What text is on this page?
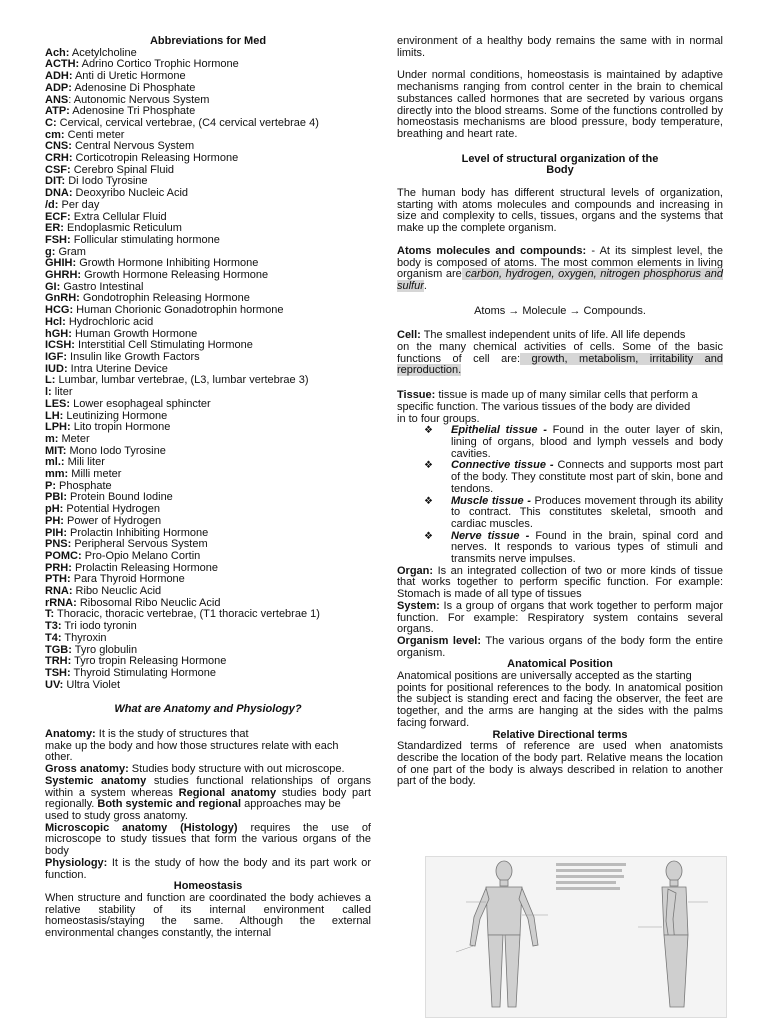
Abbreviations for Med
Ach: Acetylcholine
ACTH: Adrino Cortico Trophic Hormone
ADH: Anti di Uretic Hormone
ADP: Adenosine Di Phosphate
ANS: Autonomic Nervous System
ATP: Adenosine Tri Phosphate
C: Cervical, cervical vertebrae, (C4 cervical vertebrae 4)
cm: Centi meter
CNS: Central Nervous System
CRH: Corticotropin Releasing Hormone
CSF: Cerebro Spinal Fluid
DIT: Di Iodo Tyrosine
DNA: Deoxyribo Nucleic Acid
/d: Per day
ECF: Extra Cellular Fluid
ER: Endoplasmic Reticulum
FSH: Follicular stimulating hormone
g: Gram
GHIH: Growth Hormone Inhibiting Hormone
GHRH: Growth Hormone Releasing Hormone
GI: Gastro Intestinal
GnRH: Gondotrophin Releasing Hormone
HCG: Human Chorionic Gonadotrophin hormone
Hcl: Hydrochloric acid
hGH: Human Growth Hormone
ICSH: Interstitial Cell Stimulating Hormone
IGF: Insulin like Growth Factors
IUD: Intra Uterine Device
L: Lumbar, lumbar vertebrae, (L3, lumbar vertebrae 3)
l: liter
LES: Lower esophageal sphincter
LH: Leutinizing Hormone
LPH: Lito tropin Hormone
m: Meter
MIT: Mono Iodo Tyrosine
ml.: Mili liter
mm: Milli meter
P: Phosphate
PBI: Protein Bound Iodine
pH: Potential Hydrogen
PH: Power of Hydrogen
PIH: Prolactin Inhibiting Hormone
PNS: Peripheral Servous System
POMC: Pro-Opio Melano Cortin
PRH: Prolactin Releasing Hormone
PTH: Para Thyroid Hormone
RNA: Ribo Neuclic Acid
rRNA: Ribosomal Ribo Neuclic Acid
T: Thoracic, thoracic vertebrae, (T1 thoracic vertebrae 1)
T3: Tri iodo tyronin
T4: Thyroxin
TGB: Tyro globulin
TRH: Tyro tropin Releasing Hormone
TSH: Thyroid Stimulating Hormone
UV: Ultra Violet
What are Anatomy and Physiology?

Anatomy: It is the study of structures that

make up the body and how those structures relate with each

other.

Gross anatomy: Studies body structure with out microscope.

Systemic anatomy studies functional relationships of organs within a system whereas Regional anatomy studies body part regionally. Both systemic and regional approaches may be

used to study gross anatomy.

Microscopic anatomy (Histology) requires the use of microscope to study tissues that form the various organs of the body

Physiology: It is the study of how the body and its part work or function.

Homeostasis

When structure and function are coordinated the body achieves a relative stability of its internal environment called homeostasis/staying the same. Although the external environmental changes constantly, the internal

environment of a healthy body remains the same with in normal limits.

Under normal conditions, homeostasis is maintained by adaptive mechanisms ranging from control center in the brain to chemical substances called hormones that are secreted by various organs directly into the blood streams. Some of the functions controlled by homeostasis mechanisms are blood pressure, body temperature, breathing and heart rate.

Level of structural organization of the
Body

The human body has different structural levels of organization, starting with atoms molecules and compounds and increasing in size and complexity to cells, tissues, organs and the systems that make up the complete organism.

Atoms molecules and compounds: - At its simplest level, the body is composed of atoms. The most common elements in living organism are carbon, hydrogen, oxygen, nitrogen phosphorus and sulfur.

Atoms → Molecule → Compounds.

Cell: The smallest independent units of life. All life depends

on the many chemical activities of cells. Some of the basic functions of cell are: growth, metabolism, irritability and reproduction.

Tissue: tissue is made up of many similar cells that perform a

specific function. The various tissues of the body are divided

in to four groups.

❖ Epithelial tissue - Found in the outer layer of skin, lining of organs, blood and lymph vessels and body cavities.
❖ Connective tissue - Connects and supports most part of the body. They constitute most part of skin, bone and tendons.
❖ Muscle tissue - Produces movement through its ability to contract. This constitutes skeletal, smooth and cardiac muscles.
❖ Nerve tissue - Found in the brain, spinal cord and nerves. It responds to various types of stimuli and transmits nerve impulses.

Organ: Is an integrated collection of two or more kinds of tissue that works together to perform specific function. For example: Stomach is made of all type of tissues

System: Is a group of organs that work together to perform major function. For example: Respiratory system contains several organs.

Organism level: The various organs of the body form the entire organism.

Anatomical Position

Anatomical positions are universally accepted as the starting

points for positional references to the body. In anatomical position the subject is standing erect and facing the observer, the feet are together, and the arms are hanging at the sides with the palms facing forward.

Relative Directional terms

Standardized terms of reference are used when anatomists describe the location of the body part. Relative means the location of one part of the body is always described in relation to another part of the body.
